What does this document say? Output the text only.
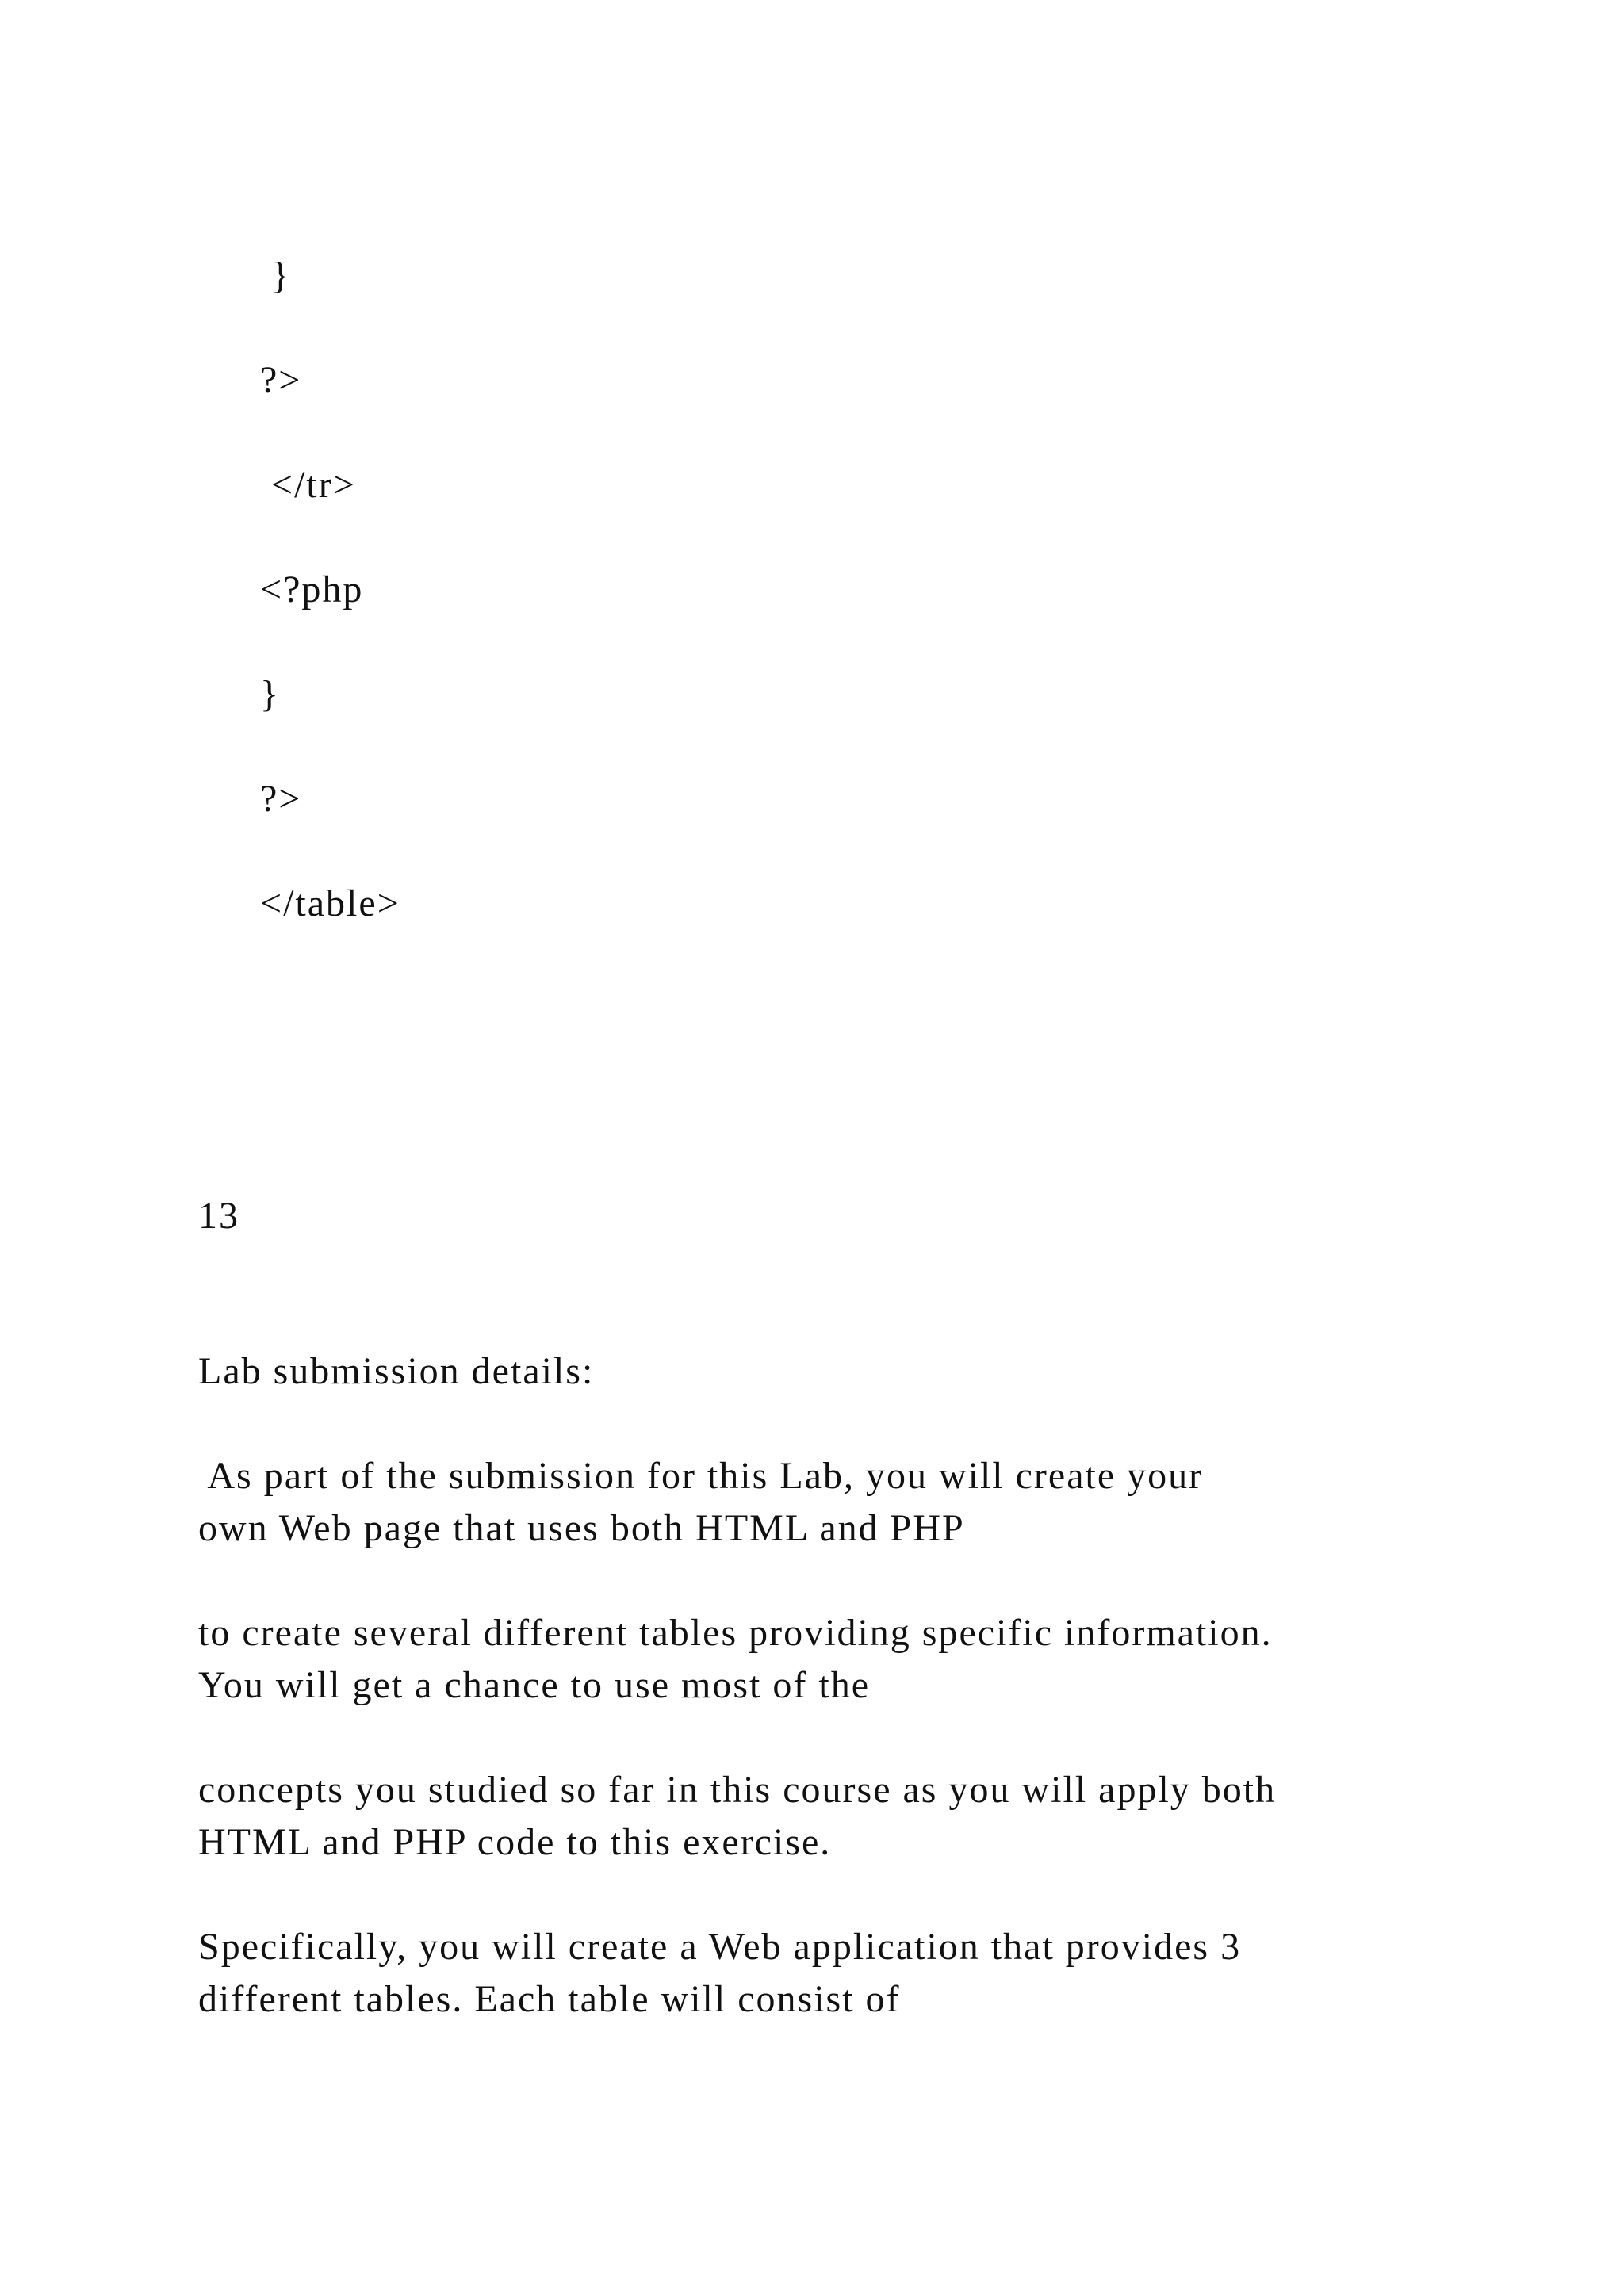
}
?>
</tr>
<?php
}
?>
</table>
13
Lab submission details:
As part of the submission for this Lab, you will create your
own Web page that uses both HTML and PHP
to create several different tables providing specific information.
You will get a chance to use most of the
concepts you studied so far in this course as you will apply both
HTML and PHP code to this exercise.
Specifically, you will create a Web application that provides 3
different tables. Each table will consist of
